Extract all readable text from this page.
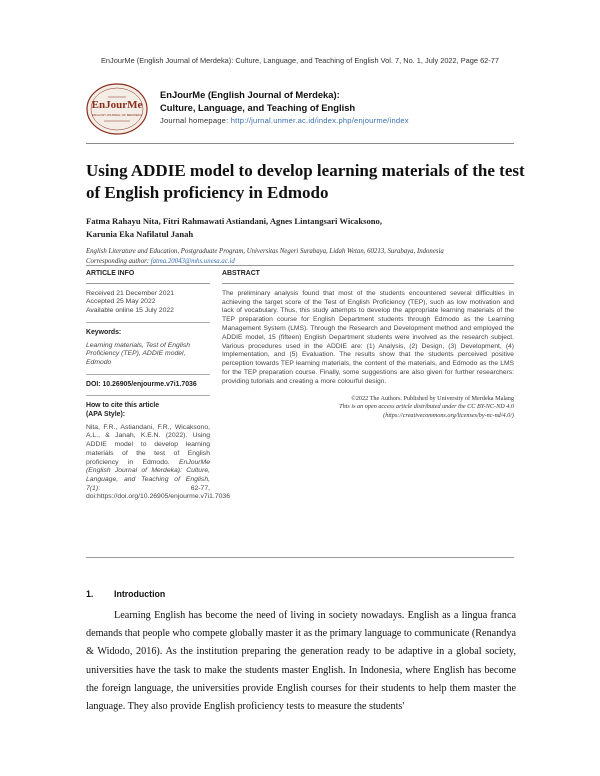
EnJourMe (English Journal of Merdeka): Culture, Language, and Teaching of English Vol. 7, No. 1, July 2022, Page 62-77
EnJourMe
ENGLISH JOURNAL OF MERDEKA
EnJourMe (English Journal of Merdeka):
Culture, Language, and Teaching of English
Journal homepage: http://jurnal.unmer.ac.id/index.php/enjourme/index
Using ADDIE model to develop learning materials of the test of English proficiency in Edmodo
Fatma Rahayu Nita, Fitri Rahmawati Astiandani, Agnes Lintangsari Wicaksono,
Karunia Eka Nafilatul Janah
English Literature and Education, Postgraduate Program, Universitas Negeri Surabaya, Lidah Wetan, 60213, Surabaya, Indonesia
Corresponding author: fatma.20043@mhs.unesa.ac.id
ARTICLE INFO
Received 21 December 2021
Accepted 25 May 2022
Available online 15 July 2022
Keywords:
Learning materials, Test of English Proficiency (TEP), ADDIE model, Edmodo
DOI: 10.26905/enjourme.v7i1.7036
How to cite this article
(APA Style):
Nita, F.R., Astiandani, F.R., Wicaksono, A.L., & Janah, K.E.N. (2022). Using ADDIE model to develop learning materials of the test of English proficiency in Edmodo. EnJourMe (English Journal of Merdeka): Culture, Language, and Teaching of English, 7(1): 62-77, doi:https://doi.org/10.26905/enjourme.v7i1.7036
ABSTRACT
The preliminary analysis found that most of the students encountered several difficulties in achieving the target score of the Test of English Proficiency (TEP), such as low motivation and lack of vocabulary. Thus, this study attempts to develop the appropriate learning materials of the TEP preparation course for English Department students through Edmodo as the Learning Management System (LMS). Through the Research and Development method and employed the ADDIE model, 15 (fifteen) English Department students were involved as the research subject. Various procedures used in the ADDIE are: (1) Analysis, (2) Design, (3) Development, (4) Implementation, and (5) Evaluation. The results show that the students perceived positive perception towards TEP learning materials, the content of the materials, and Edmodo as the LMS for the TEP preparation course. Finally, some suggestions are also given for further researchers: providing tutorials and creating a more colourful design.
©2022 The Authors. Published by University of Merdeka Malang
This is an open access article distributed under the CC BY-NC-ND 4.0
(https://creativecommons.org/licenses/by-nc-nd/4.0/)
1. Introduction

Learning English has become the need of living in society nowadays. English as a lingua franca demands that people who compete globally master it as the primary language to communicate (Renandya & Widodo, 2016). As the institution preparing the generation ready to be adaptive in a global society, universities have the task to make the students master English. In Indonesia, where English has become the foreign language, the universities provide English courses for their students to help them master the language. They also provide English proficiency tests to measure the students'
